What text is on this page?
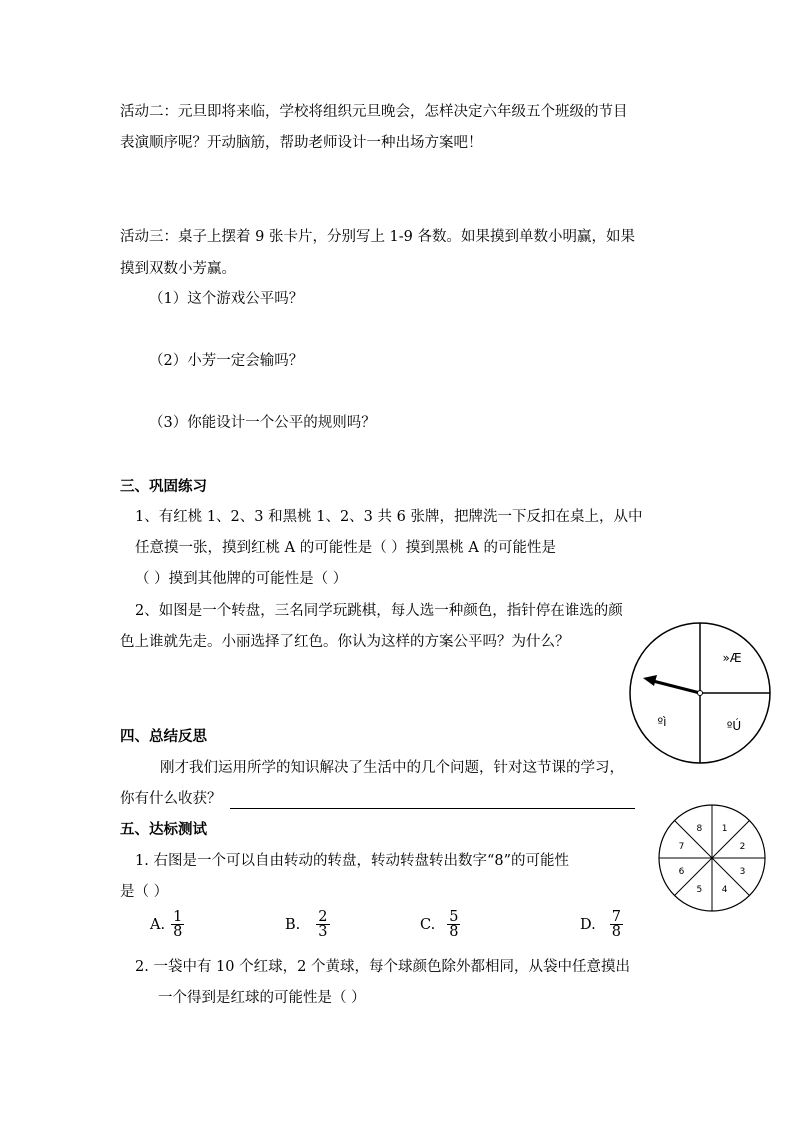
活动二：元旦即将来临，学校将组织元旦晚会，怎样决定六年级五个班级的节目
表演顺序呢？开动脑筋，帮助老师设计一种出场方案吧！
活动三：桌子上摆着 9 张卡片，分别写上 1-9 各数。如果摸到单数小明赢，如果
摸到双数小芳赢。
（1）这个游戏公平吗？
（2）小芳一定会输吗？
（3）你能设计一个公平的规则吗？
三、巩固练习
1、有红桃 1、2、3 和黑桃 1、2、3 共 6 张牌，把牌洗一下反扣在桌上，从中
任意摸一张，摸到红桃 A 的可能性是（ ）摸到黑桃 A 的可能性是
（ ）摸到其他牌的可能性是（ ）
2、如图是一个转盘，三名同学玩跳棋，每人选一种颜色，指针停在谁选的颜
色上谁就先走。小丽选择了红色。你认为这样的方案公平吗？为什么？
»Æ
ºì	ºÚ
四、总结反思
刚才我们运用所学的知识解决了生活中的几个问题，针对这节课的学习，
你有什么收获？
五、达标测试
1. 右图是一个可以自由转动的转盘，转动转盘转出数字“8”的可能性
是（ ）
A. $\frac{1}{8}$	B. $\frac{2}{3}$	C. $\frac{5}{8}$	D. $\frac{7}{8}$
2. 一袋中有 10 个红球，2 个黄球，每个球颜色除外都相同，从袋中任意摸出
一个得到是红球的可能性是（ ）
1
2
3
4
5
6
7
8
